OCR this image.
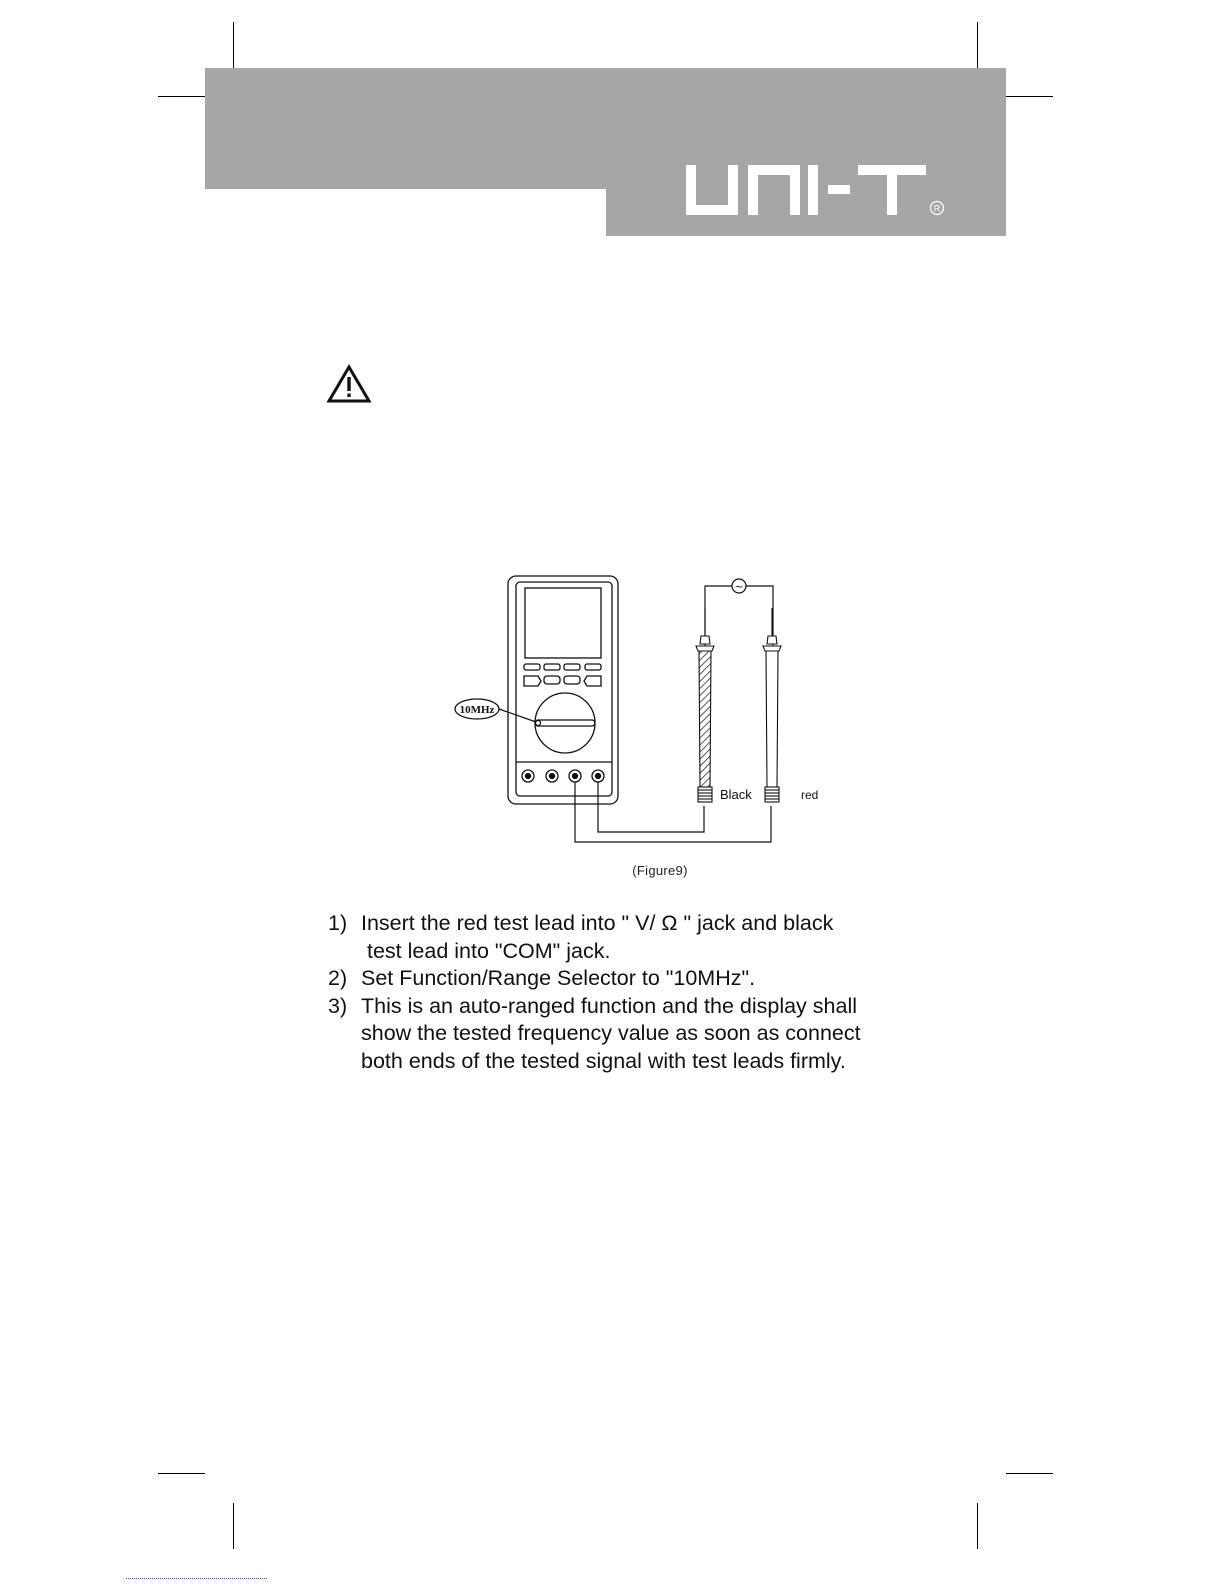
R
10MHz
~
Black	red
(Figure9)
1) Insert the red test lead into " V/ Ω " jack and black
test lead into "COM" jack.
2) Set Function/Range Selector to "10MHz".
3) This is an auto-ranged function and the display shall show the tested frequency value as soon as connect both ends of the tested signal with test leads firmly.
